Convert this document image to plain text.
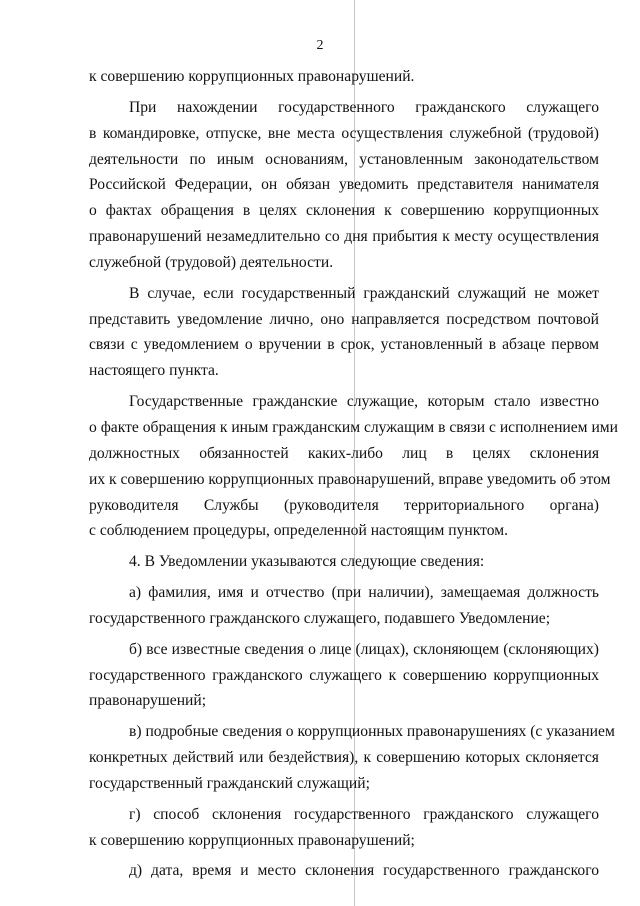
2
к совершению коррупционных правонарушений.
При нахождении государственного гражданского служащего
в командировке, отпуске, вне места осуществления служебной (трудовой)
деятельности по иным основаниям, установленным законодательством
Российской Федерации, он обязан уведомить представителя нанимателя
о фактах обращения в целях склонения к совершению коррупционных
правонарушений незамедлительно со дня прибытия к месту осуществления
служебной (трудовой) деятельности.
В случае, если государственный гражданский служащий не может
представить уведомление лично, оно направляется посредством почтовой
связи с уведомлением о вручении в срок, установленный в абзаце первом
настоящего пункта.
Государственные гражданские служащие, которым стало известно
о факте обращения к иным гражданским служащим в связи с исполнением ими
должностных обязанностей каких-либо лиц в целях склонения
их к совершению коррупционных правонарушений, вправе уведомить об этом
руководителя Службы (руководителя территориального органа)
с соблюдением процедуры, определенной настоящим пунктом.
4. В Уведомлении указываются следующие сведения:
а) фамилия, имя и отчество (при наличии), замещаемая должность
государственного гражданского служащего, подавшего Уведомление;
б) все известные сведения о лице (лицах), склоняющем (склоняющих)
государственного гражданского служащего к совершению коррупционных
правонарушений;
в) подробные сведения о коррупционных правонарушениях (с указанием
конкретных действий или бездействия), к совершению которых склоняется
государственный гражданский служащий;
г) способ склонения государственного гражданского служащего
к совершению коррупционных правонарушений;
д) дата, время и место склонения государственного гражданского
